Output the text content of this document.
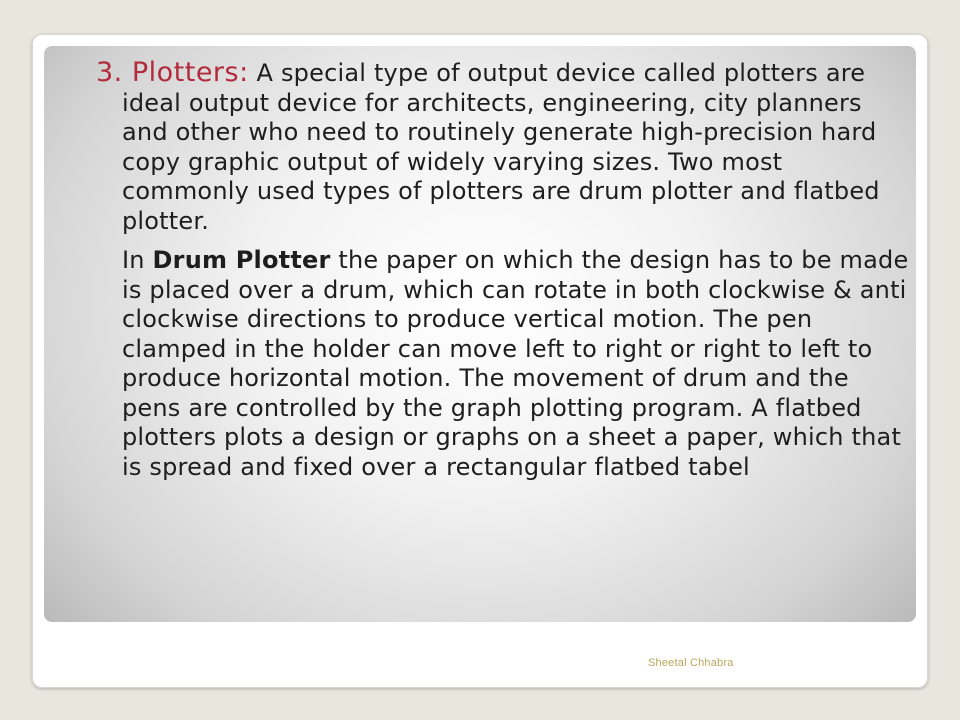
3. Plotters: A special type of output device called plotters are ideal output device for architects, engineering, city planners and other who need to routinely generate high-precision hard copy graphic output of widely varying sizes. Two most commonly used types of plotters are drum plotter and flatbed plotter.

In Drum Plotter the paper on which the design has to be made is placed over a drum, which can rotate in both clockwise & anti clockwise directions to produce vertical motion. The pen clamped in the holder can move left to right or right to left to produce horizontal motion. The movement of drum and the pens are controlled by the graph plotting program. A flatbed plotters plots a design or graphs on a sheet a paper, which that is spread and fixed over a rectangular flatbed tabel

Sheetal Chhabra
